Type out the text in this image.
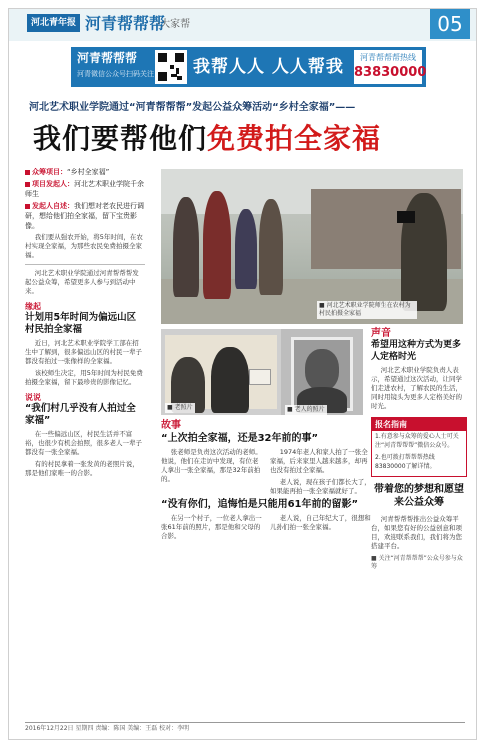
河北青年报 河青帮帮帮
·大家帮	05
河青帮帮帮
河青微信公众号扫码关注 我帮人人 人人帮我	河青帮帮帮热线
83830000
河北艺术职业学院通过“河青帮帮帮”发起公益众筹活动“乡村全家福”——
我们要帮他们免费拍全家福
众筹项目：“乡村全家福”
项目发起人：河北艺术职业学院千余师生
发起人自述：我们想对老农民进行调研，想给他们拍全家福，留下宝贵影像。

我们要从强农开始，将5年时间，在农村实现全家福，为那些农民免费拍摄全家福。

河北艺术职业学院通过河青帮帮帮发起公益众筹，希望更多人参与到活动中来。

缘起
计划用5年时间为偏远山区村民拍全家福

近日，河北艺术职业学院学工部在招生中了解到，很多偏远山区的村民一辈子都没有拍过一张像样的全家福。

该校师生决定，用5年时间为村民免费拍摄全家福，留下最珍贵的影像记忆。

说说
“我们村几乎没有人拍过全家福”

在一些偏远山区，村民生活并不富裕，也很少有机会拍照，很多老人一辈子都没有一张全家福。

有的村民拿着一张发黄的老照片说，那是他们家唯一的合影。

■ 河北艺术职业学院师生在农村为村民拍摄全家福
■ 老照片	■ 老人的照片
故事
“上次拍全家福，还是32年前的事”

张老师是负责这次活动的老师。他说，他们在走访中发现，有位老人拿出一张全家福，那是32年前拍的。

1974年老人和家人拍了一张全家福，后来家里人越来越多，却再也没有拍过全家福。

老人说，现在孩子们都长大了，如果能再拍一张全家福就好了。

“没有你们，追悔怕是只能用61年前的留影”

在另一个村子，一位老人拿出一张61年前的照片，那是他和父母的合影。

老人说，自己年纪大了，很想和儿孙们拍一张全家福。

声音
希望用这种方式为更多人定格时光

河北艺术职业学院负责人表示，希望通过这次活动，让同学们走进农村，了解农民的生活，同时用镜头为更多人定格美好的时光。

报名指南
1.有意参与众筹的爱心人士可关注“河青帮帮帮”微信公众号。
2.也可拨打帮帮帮热线83830000了解详情。
带着您的梦想和愿望来公益众筹

河青帮帮帮推出公益众筹平台，如果您有好的公益创意和项目，欢迎联系我们，我们将为您搭建平台。

■ 关注“河青帮帮帮”公众号参与众筹
2016年12月22日 星期四 责编：陈国 美编：王磊 校对：李明
